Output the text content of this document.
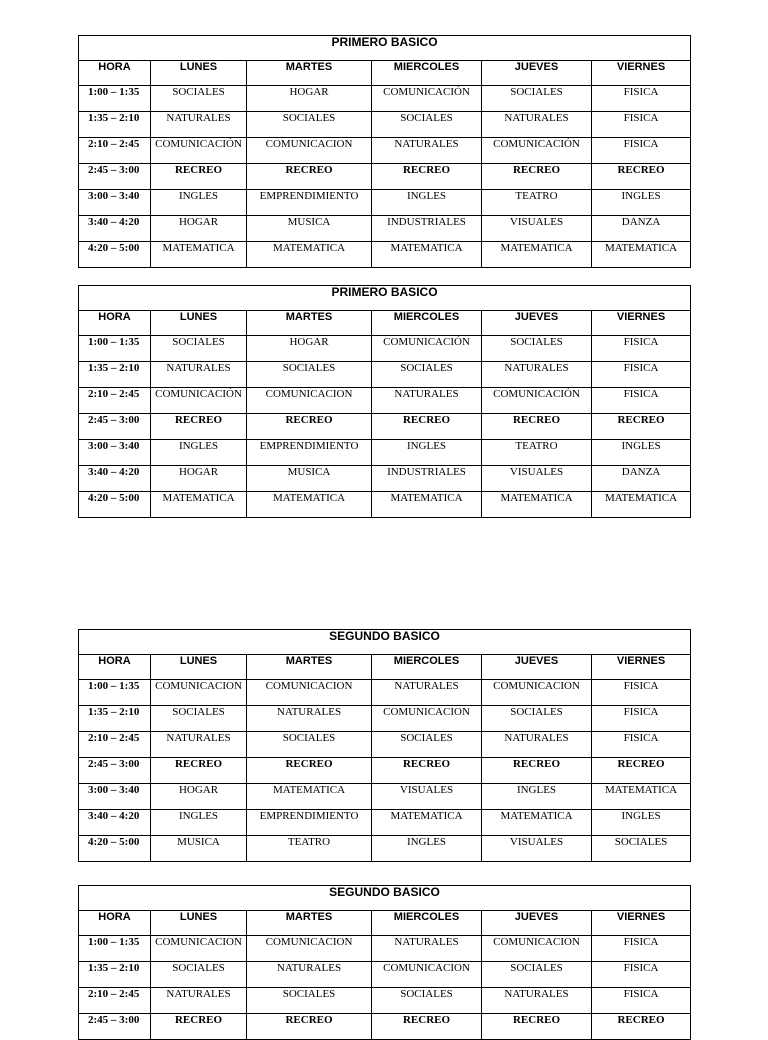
PRIMERO BASICO					
HORA	LUNES	MARTES	MIERCOLES	JUEVES	VIERNES
1:00 – 1:35	SOCIALES	HOGAR	COMUNICACIÓN	SOCIALES	FISICA
1:35 – 2:10	NATURALES	SOCIALES	SOCIALES	NATURALES	FISICA
2:10 – 2:45	COMUNICACIÓN	COMUNICACION	NATURALES	COMUNICACIÓN	FISICA
2:45 – 3:00	RECREO	RECREO	RECREO	RECREO	RECREO
3:00 – 3:40	INGLES	EMPRENDIMIENTO	INGLES	TEATRO	INGLES
3:40 – 4:20	HOGAR	MUSICA	INDUSTRIALES	VISUALES	DANZA
4:20 – 5:00	MATEMATICA	MATEMATICA	MATEMATICA	MATEMATICA	MATEMATICA
PRIMERO BASICO					
HORA	LUNES	MARTES	MIERCOLES	JUEVES	VIERNES
1:00 – 1:35	SOCIALES	HOGAR	COMUNICACIÓN	SOCIALES	FISICA
1:35 – 2:10	NATURALES	SOCIALES	SOCIALES	NATURALES	FISICA
2:10 – 2:45	COMUNICACIÓN	COMUNICACION	NATURALES	COMUNICACIÓN	FISICA
2:45 – 3:00	RECREO	RECREO	RECREO	RECREO	RECREO
3:00 – 3:40	INGLES	EMPRENDIMIENTO	INGLES	TEATRO	INGLES
3:40 – 4:20	HOGAR	MUSICA	INDUSTRIALES	VISUALES	DANZA
4:20 – 5:00	MATEMATICA	MATEMATICA	MATEMATICA	MATEMATICA	MATEMATICA
SEGUNDO BASICO					
HORA	LUNES	MARTES	MIERCOLES	JUEVES	VIERNES
1:00 – 1:35	COMUNICACION	COMUNICACION	NATURALES	COMUNICACION	FISICA
1:35 – 2:10	SOCIALES	NATURALES	COMUNICACION	SOCIALES	FISICA
2:10 – 2:45	NATURALES	SOCIALES	SOCIALES	NATURALES	FISICA
2:45 – 3:00	RECREO	RECREO	RECREO	RECREO	RECREO
3:00 – 3:40	HOGAR	MATEMATICA	VISUALES	INGLES	MATEMATICA
3:40 – 4:20	INGLES	EMPRENDIMIENTO	MATEMATICA	MATEMATICA	INGLES
4:20 – 5:00	MUSICA	TEATRO	INGLES	VISUALES	SOCIALES
SEGUNDO BASICO					
HORA	LUNES	MARTES	MIERCOLES	JUEVES	VIERNES
1:00 – 1:35	COMUNICACION	COMUNICACION	NATURALES	COMUNICACION	FISICA
1:35 – 2:10	SOCIALES	NATURALES	COMUNICACION	SOCIALES	FISICA
2:10 – 2:45	NATURALES	SOCIALES	SOCIALES	NATURALES	FISICA
2:45 – 3:00	RECREO	RECREO	RECREO	RECREO	RECREO
